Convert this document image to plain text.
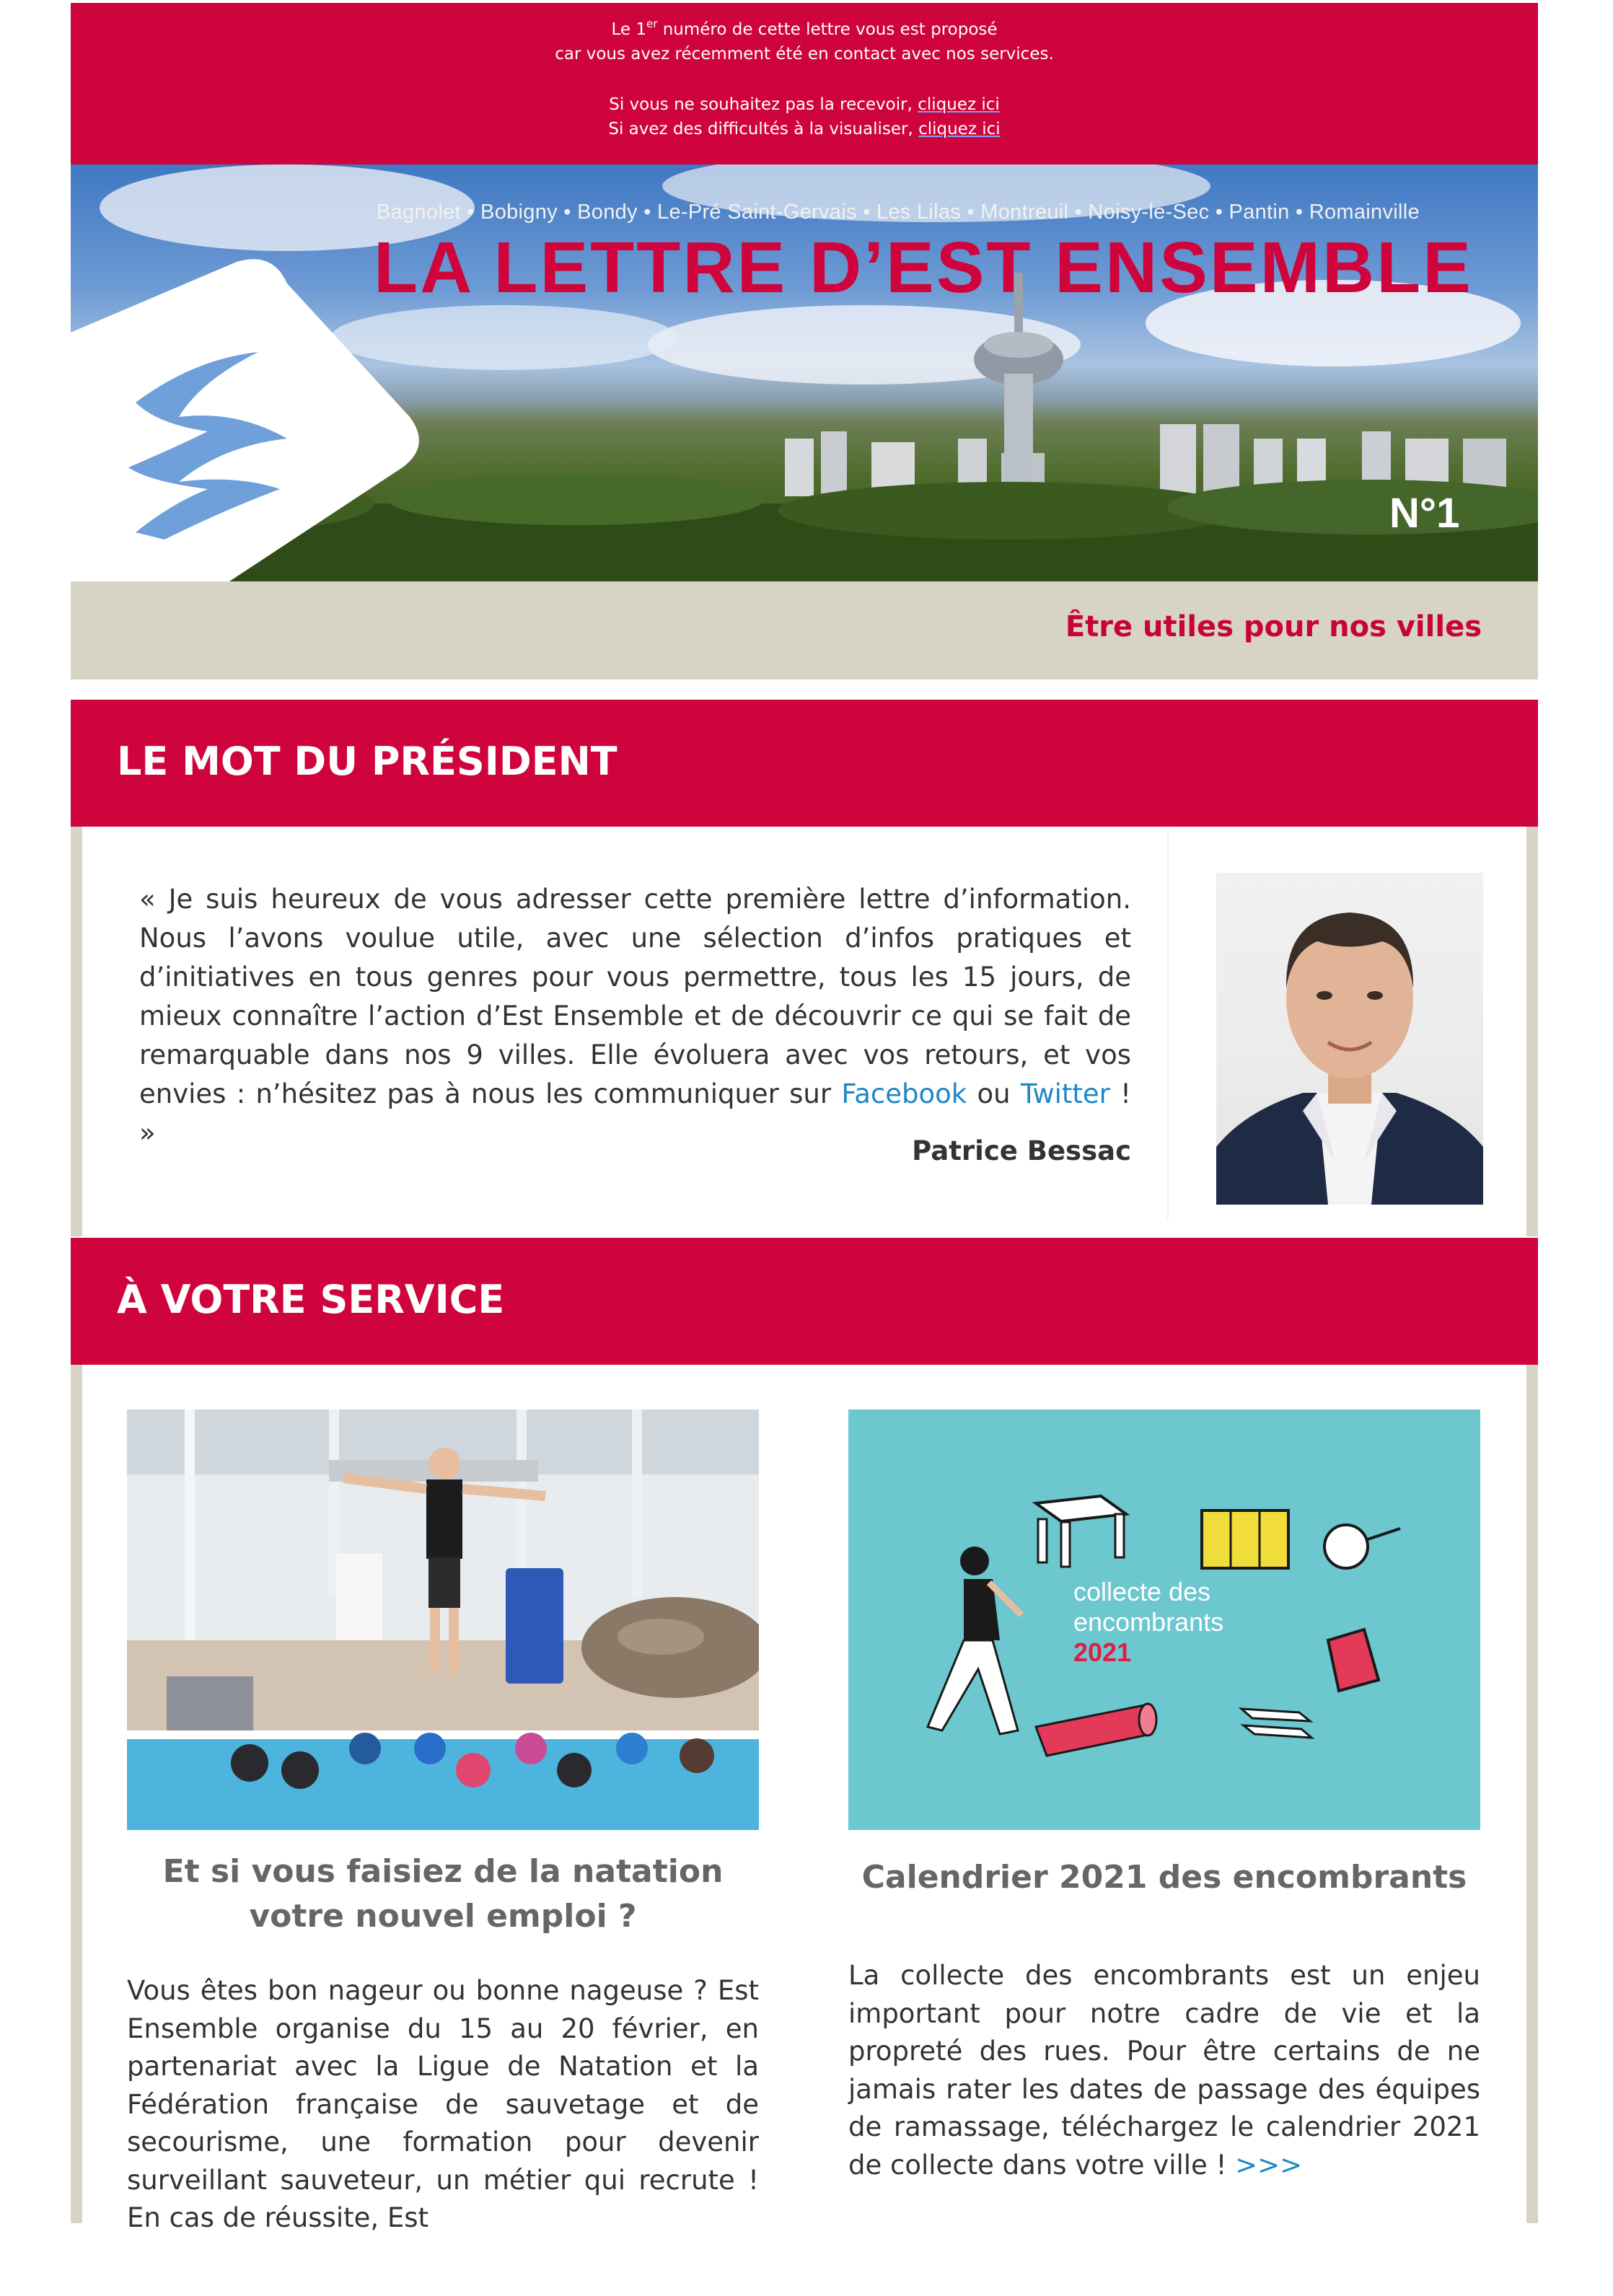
Le 1er numéro de cette lettre vous est proposé
car vous avez récemment été en contact avec nos services.
Si vous ne souhaitez pas la recevoir, cliquez ici
Si avez des difficultés à la visualiser, cliquez ici
Bagnolet • Bobigny • Bondy • Le-Pré Saint-Gervais • Les Lilas • Montreuil • Noisy-le-Sec • Pantin • Romainville
LA LETTRE D’EST ENSEMBLE
N°1
Être utiles pour nos villes
LE MOT DU PRÉSIDENT
« Je suis heureux de vous adresser cette première lettre d’information. Nous l’avons voulue utile, avec une sélection d’infos pratiques et d’initiatives en tous genres pour vous permettre, tous les 15 jours, de mieux connaître l’action d’Est Ensemble et de découvrir ce qui se fait de remarquable dans nos 9 villes. Elle évoluera avec vos retours, et vos envies : n’hésitez pas à nous les communiquer sur Facebook ou Twitter ! »
Patrice Bessac
À VOTRE SERVICE
Et si vous faisiez de la natation votre nouvel emploi ?
Vous êtes bon nageur ou bonne nageuse ? Est Ensemble organise du 15 au 20 février, en partenariat avec la Ligue de Natation et la Fédération française de sauvetage et de secourisme, une formation pour devenir surveillant sauveteur, un métier qui recrute ! En cas de réussite, Est
collecte des
encombrants
2021
Calendrier 2021 des encombrants
La collecte des encombrants est un enjeu important pour notre cadre de vie et la propreté des rues. Pour être certains de ne jamais rater les dates de passage des équipes de ramassage, téléchargez le calendrier 2021 de collecte dans votre ville ! >>>
